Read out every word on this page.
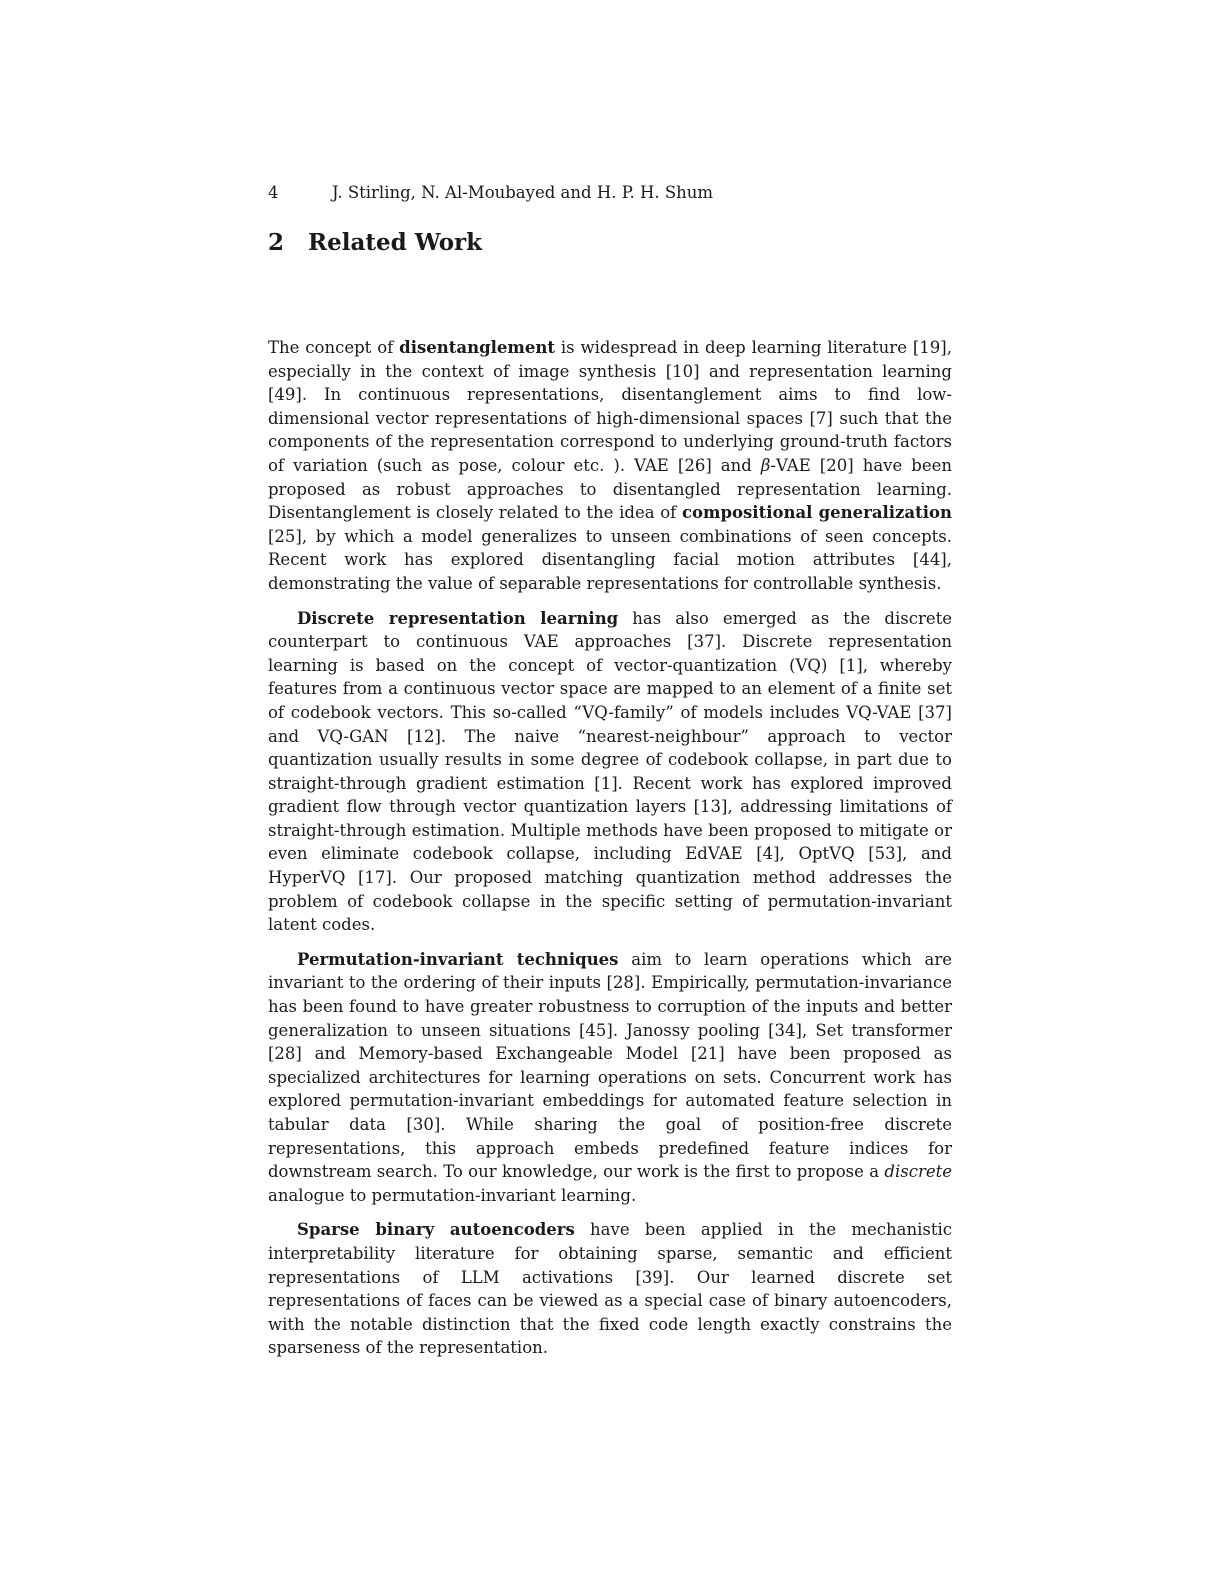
4	J. Stirling, N. Al-Moubayed and H. P. H. Shum
2 Related Work

The concept of disentanglement is widespread in deep learning literature [19], especially in the context of image synthesis [10] and representation learning [49]. In continuous representations, disentanglement aims to find low-dimensional vector representations of high-dimensional spaces [7] such that the components of the representation correspond to underlying ground-truth factors of variation (such as pose, colour etc. ). VAE [26] and β-VAE [20] have been proposed as robust approaches to disentangled representation learning. Disentanglement is closely related to the idea of compositional generalization [25], by which a model generalizes to unseen combinations of seen concepts. Recent work has explored disentangling facial motion attributes [44], demonstrating the value of separable representations for controllable synthesis.

Discrete representation learning has also emerged as the discrete counterpart to continuous VAE approaches [37]. Discrete representation learning is based on the concept of vector-quantization (VQ) [1], whereby features from a continuous vector space are mapped to an element of a finite set of codebook vectors. This so-called “VQ-family” of models includes VQ-VAE [37] and VQ-GAN [12]. The naive “nearest-neighbour” approach to vector quantization usually results in some degree of codebook collapse, in part due to straight-through gradient estimation [1]. Recent work has explored improved gradient flow through vector quantization layers [13], addressing limitations of straight-through estimation. Multiple methods have been proposed to mitigate or even eliminate codebook collapse, including EdVAE [4], OptVQ [53], and HyperVQ [17]. Our proposed matching quantization method addresses the problem of codebook collapse in the specific setting of permutation-invariant latent codes.

Permutation-invariant techniques aim to learn operations which are invariant to the ordering of their inputs [28]. Empirically, permutation-invariance has been found to have greater robustness to corruption of the inputs and better generalization to unseen situations [45]. Janossy pooling [34], Set transformer [28] and Memory-based Exchangeable Model [21] have been proposed as specialized architectures for learning operations on sets. Concurrent work has explored permutation-invariant embeddings for automated feature selection in tabular data [30]. While sharing the goal of position-free discrete representations, this approach embeds predefined feature indices for downstream search. To our knowledge, our work is the first to propose a discrete analogue to permutation-invariant learning.

Sparse binary autoencoders have been applied in the mechanistic interpretability literature for obtaining sparse, semantic and efficient representations of LLM activations [39]. Our learned discrete set representations of faces can be viewed as a special case of binary autoencoders, with the notable distinction that the fixed code length exactly constrains the sparseness of the representation.
